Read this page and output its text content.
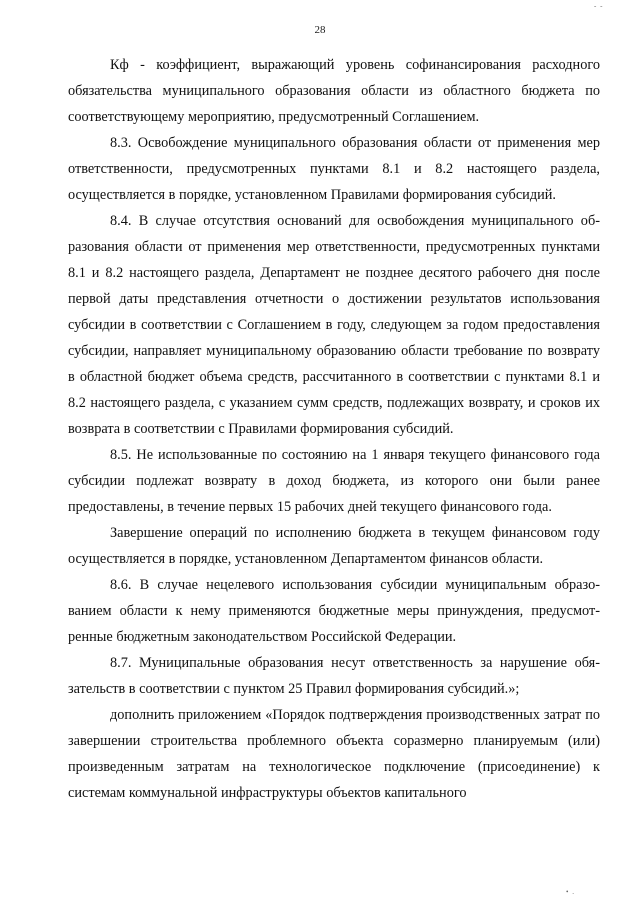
- -
28

Кф - коэффициент, выражающий уровень софинансирования расходного обязательства муниципального образования области из областного бюджета по соответствующему мероприятию, предусмотренный Соглашением.

8.3. Освобождение муниципального образования области от применения мер ответственности, предусмотренных пунктами 8.1 и 8.2 настоящего раздела, осуществляется в порядке, установленном Правилами формирования субсидий.

8.4. В случае отсутствия оснований для освобождения муниципального образования области от применения мер ответственности, предусмотренных пунктами 8.1 и 8.2 настоящего раздела, Департамент не позднее десятого рабочего дня после первой даты представления отчетности о достижении результатов использования субсидии в соответствии с Соглашением в году, следующем за годом предоставления субсидии, направляет муниципальному образованию области требование по возврату в областной бюджет объема средств, рассчитанного в соответствии с пунктами 8.1 и 8.2 настоящего раздела, с указанием сумм средств, подлежащих возврату, и сроков их возврата в соответствии с Правилами формирования субсидий.

8.5. Не использованные по состоянию на 1 января текущего финансового года субсидии подлежат возврату в доход бюджета, из которого они были ранее предоставлены, в течение первых 15 рабочих дней текущего финансового года.

Завершение операций по исполнению бюджета в текущем финансовом году осуществляется в порядке, установленном Департаментом финансов области.

8.6. В случае нецелевого использования субсидии муниципальным образованием области к нему применяются бюджетные меры принуждения, предусмотренные бюджетным законодательством Российской Федерации.

8.7. Муниципальные образования несут ответственность за нарушение обязательств в соответствии с пунктом 25 Правил формирования субсидий.»;

дополнить приложением «Порядок подтверждения производственных затрат по завершении строительства проблемного объекта соразмерно планируемым (или) произведенным затратам на технологическое подключение (присоединение) к системам коммунальной инфраструктуры объектов капитального

• .
